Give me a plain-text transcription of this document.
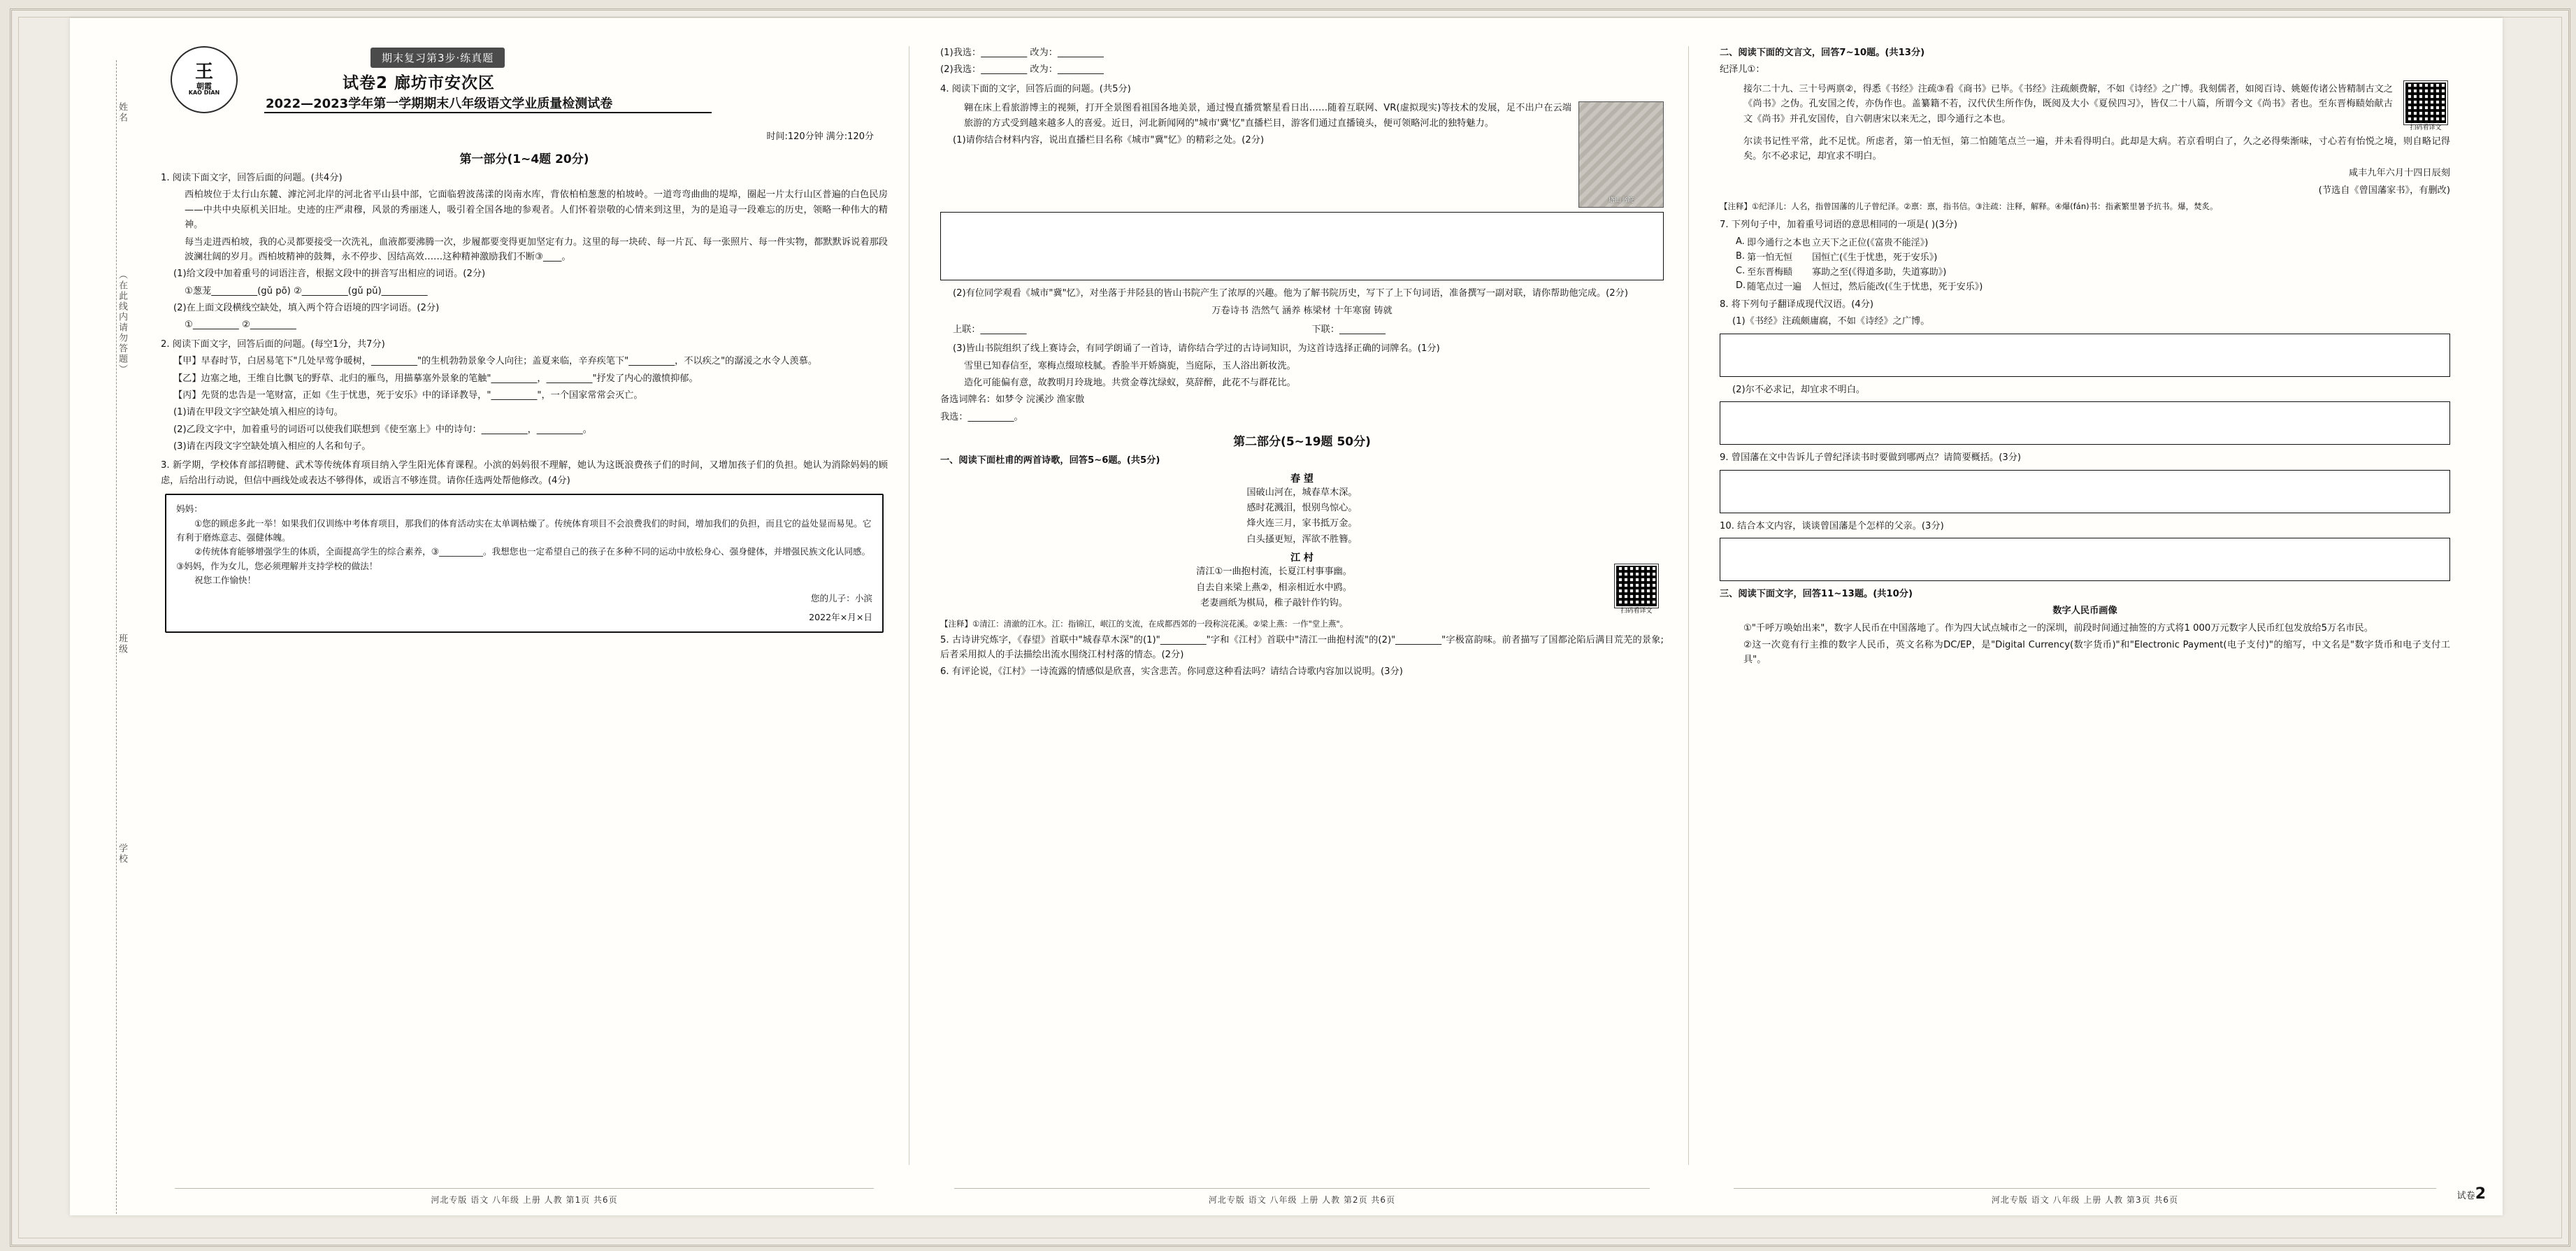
姓名
（在此线内请勿答题）
班级
学校
王
朝霞
KAO DIAN
期末复习第3步·练真题
试卷2 廊坊市安次区
2022—2023学年第一学期期末八年级语文学业质量检测试卷
时间:120分钟 满分:120分
第一部分(1~4题 20分)
1. 阅读下面文字，回答后面的问题。(共4分)
西柏坡位于太行山东麓、滹沱河北岸的河北省平山县中部，它面临碧波荡漾的岗南水库，背依柏柏葱葱的柏坡岭。一道弯弯曲曲的堤埠，圈起一片太行山区普遍的白色民房——中共中央原机关旧址。史迹的庄严肃穆，风景的秀丽迷人，吸引着全国各地的参观者。人们怀着崇敬的心情来到这里，为的是追寻一段难忘的历史，领略一种伟大的精神。
每当走进西柏坡，我的心灵都要接受一次洗礼，血液都要沸腾一次，步履都要变得更加坚定有力。这里的每一块砖、每一片瓦、每一张照片、每一件实物，都默默诉说着那段波澜壮阔的岁月。西柏坡精神的鼓舞，永不停步、因结高效……这种精神激励我们不断③____。
(1)给文段中加着重号的词语注音，根据文段中的拼音写出相应的词语。(2分)
①葱茏__________(gǔ pō) ②__________(gǔ pǔ)__________
(2)在上面文段横线空缺处，填入两个符合语境的四字词语。(2分)
①__________ ②__________
2. 阅读下面文字，回答后面的问题。(每空1分，共7分)
【甲】早春时节，白居易笔下"几处早莺争暖树，__________"的生机勃勃景象令人向往；盖夏来临，辛弃疾笔下"__________，不以疾之"的潺湲之水令人羡慕。
【乙】边塞之地，王维自比飘飞的野草、北归的雁鸟，用描摹塞外景象的笔触"__________，__________"抒发了内心的激愤抑郁。
【丙】先贤的忠告是一笔财富，正如《生于忧患，死于安乐》中的译译教导，"__________"，一个国家常常会灭亡。
(1)请在甲段文字空缺处填入相应的诗句。
(2)乙段文字中，加着重号的词语可以使我们联想到《使至塞上》中的诗句：__________，__________。
(3)请在丙段文字空缺处填入相应的人名和句子。
3. 新学期，学校体育部招聘健、武术等传统体育项目纳入学生阳光体育课程。小滨的妈妈很不理解，她认为这既浪费孩子们的时间，又增加孩子们的负担。她认为消除妈妈的顾虑，后给出行动说，但信中画线处或表达不够得体，或语言不够连贯。请你任选两处帮他修改。(4分)
妈妈：
①您的顾虑多此一举！如果我们仅训练中考体育项目，那我们的体育活动实在太单调枯燥了。传统体育项目不会浪费我们的时间，增加我们的负担，而且它的益处显而易见。它有利于磨炼意志、强健体魄。
②传统体育能够增强学生的体质，全面提高学生的综合素养，③__________。我想您也一定希望自己的孩子在多种不同的运动中放松身心、强身健体，并增强民族文化认同感。③妈妈，作为女儿，您必须理解并支持学校的做法！
祝您工作愉快！
您的儿子：小滨
2022年×月×日
(1)我选：__________ 改为：__________
(2)我选：__________ 改为：__________
4. 阅读下面的文字，回答后面的问题。(共5分)
翱在床上看旅游博主的视频，打开全景图看祖国各地美景，通过慢直播赏繁星看日出……随着互联网、VR(虚拟现实)等技术的发展，足不出户在云端旅游的方式受到越来越多人的喜爱。近日，河北新闻网的"城市'冀'忆"直播栏目，游客们通过直播镜头，便可领略河北的独特魅力。
(1)请你结合材料内容，说出直播栏目名称《城市"冀"忆》的精彩之处。(2分)
塔山书院
(2)有位同学观看《城市"冀"忆》，对坐落于井陉县的皆山书院产生了浓厚的兴趣。他为了解书院历史，写下了上下句词语，准备撰写一副对联，请你帮助他完成。(2分)
万卷诗书 浩然气 涵养 栋梁材 十年寒窗 铸就
上联：__________	下联：__________
(3)皆山书院组织了线上赛诗会，有同学朗诵了一首诗，请你结合学过的古诗词知识，为这首诗选择正确的词牌名。(1分)
雪里已知春信至，寒梅点缀琼枝腻。香脸半开娇旖旎，当庭际，玉人浴出新妆洗。
造化可能偏有意，故教明月玲珑地。共赏金尊沈绿蚁，莫辞醉，此花不与群花比。
备选词牌名：如梦令 浣溪沙 渔家傲
我选：__________。
第二部分(5~19题 50分)
一、阅读下面杜甫的两首诗歌，回答5~6题。(共5分)
春 望
国破山河在，城春草木深。
感时花溅泪，恨别鸟惊心。
烽火连三月，家书抵万金。
白头搔更短，浑欲不胜簪。
江 村
清江①一曲抱村流，长夏江村事事幽。
自去自来梁上燕②，相亲相近水中鸥。
老妻画纸为棋局，稚子敲针作钓钩。
扫码看译文
【注释】①清江：清澈的江水。江：指锦江，岷江的支流，在成都西郊的一段称浣花溪。②梁上燕：一作"堂上燕"。
5. 古诗讲究炼字，《春望》首联中"城春草木深"的(1)"__________"字和《江村》首联中"清江一曲抱村流"的(2)"__________"字极富韵味。前者描写了国都沦陷后满目荒芜的景象;后者采用拟人的手法描绘出流水围绕江村村落的情态。(2分)
6. 有评论说，《江村》一诗流露的情感似是欣喜，实含悲苦。你同意这种看法吗？请结合诗歌内容加以说明。(3分)
二、阅读下面的文言文，回答7~10题。(共13分)
纪泽儿①：
接尔二十九、三十号两禀②，得悉《书经》注疏③看《商书》已毕。《书经》注疏颇费解，不如《诗经》之广博。我刻儒者，如阅百诗、姚姬传诸公皆精制古文之《尚书》之伪。孔安国之传，亦伪作也。盖纂籍不若，汉代伏生所作伪，既阅及大小《夏侯四习》，皆仅二十八篇，所谓今文《尚书》者也。至东晋梅赜始献古文《尚书》并孔安国传，自六朝唐宋以来无之，即今通行之本也。
扫码看译文
尔读书记性平常，此不足忧。所虑者，第一怕无恒，第二怕随笔点兰一遍，并未看得明白。此却是大病。若京看明白了，久之必得柴渐味，寸心若有怡悦之境，则自略记得矣。尔不必求记，却宜求不明白。
咸丰九年六月十四日辰刻
(节选自《曾国藩家书》，有删改)
【注释】①纪泽儿：人名，指曾国藩的儿子曾纪泽。②禀：禀，指书信。③注疏：注释，解释。④爆(fán)书：指紊繁里暑予抗书。爆，焚炙。
7. 下列句子中，加着重号词语的意思相同的一项是( )(3分)
A.	即今通行之本也	立天下之正位(《富贵不能淫》)
B.	第一怕无恒	国恒亡(《生于忧患，死于安乐》)
C.	至东晋梅赜	寡助之至(《得道多助，失道寡助》)
D.	随笔点过一遍	人恒过，然后能改(《生于忧患，死于安乐》)
8. 将下列句子翻译成现代汉语。(4分)
(1)《书经》注疏颇庸腐，不如《诗经》之广博。
(2)尔不必求记，却宜求不明白。
9. 曾国藩在文中告诉儿子曾纪泽读书时要做到哪两点？请简要概括。(3分)
10. 结合本文内容，谈谈曾国藩是个怎样的父亲。(3分)
三、阅读下面文字，回答11~13题。(共10分)
数字人民币画像
①"千呼万唤始出来"，数字人民币在中国落地了。作为四大试点城市之一的深圳，前段时间通过抽签的方式将1 000万元数字人民币红包发放给5万名市民。
②这一次竟有行主推的数字人民币，英文名称为DC/EP，是"Digital Currency(数字货币)"和"Electronic Payment(电子支付)"的缩写，中文名是"数字货币和电子支付工具"。
河北专版 语文 八年级 上册 人教 第1页 共6页	河北专版 语文 八年级 上册 人教 第2页 共6页	河北专版 语文 八年级 上册 人教 第3页 共6页	试卷2
